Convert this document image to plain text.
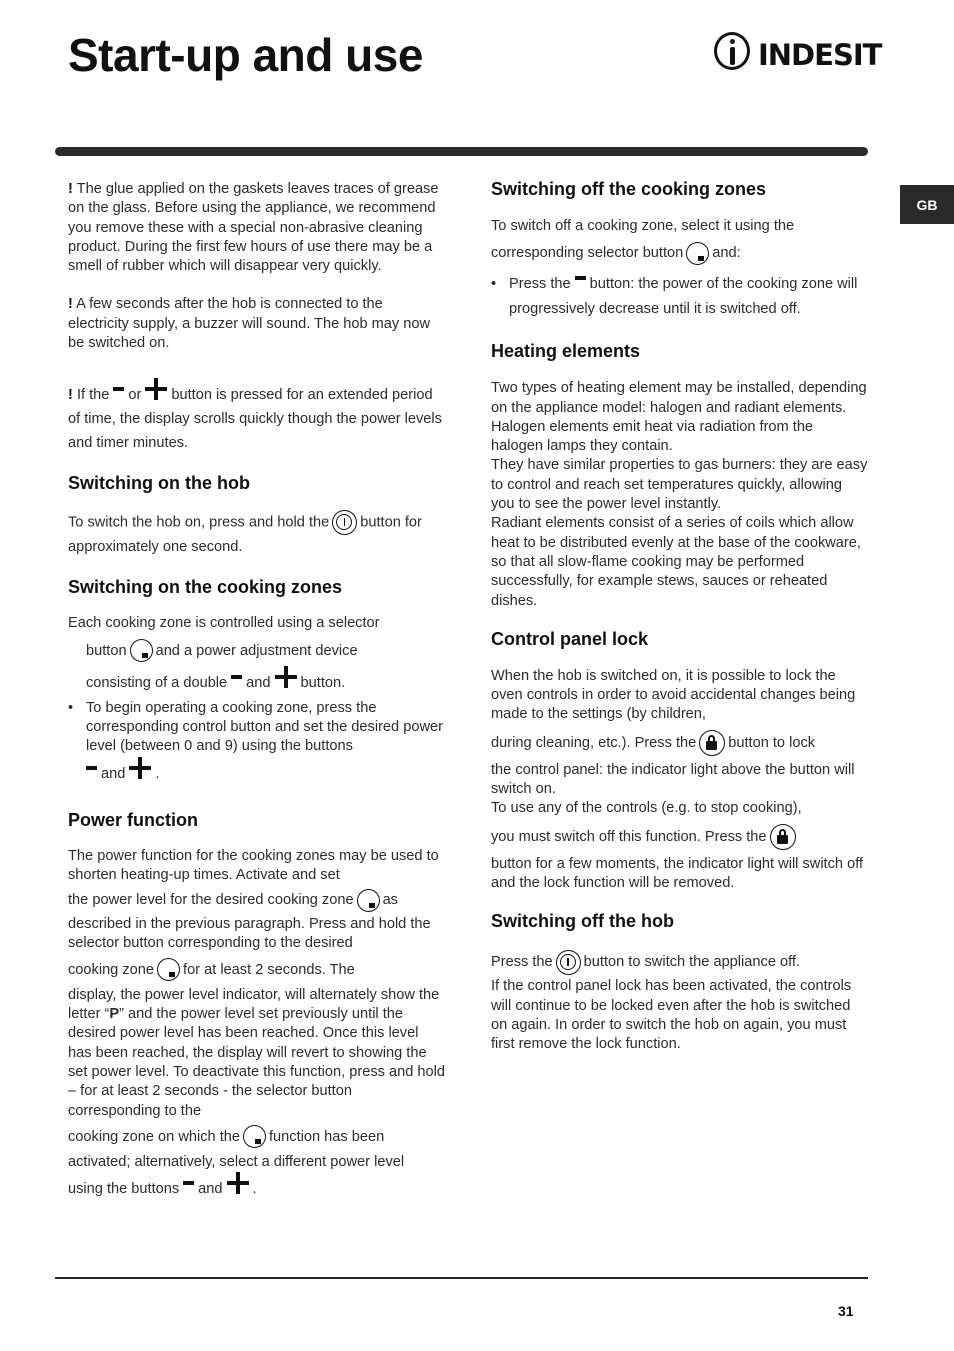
Start-up and use	INDESIT
GB

! The glue applied on the gaskets leaves traces of grease on the glass. Before using the appliance, we recommend you remove these with a special non-abrasive cleaning product. During the first few hours of use there may be a smell of rubber which will disappear very quickly.

! A few seconds after the hob is connected to the electricity supply, a buzzer will sound. The hob may now be switched on.

! If the or button is pressed for an extended period of time, the display scrolls quickly though the power levels and timer minutes.

Switching on the hob

To switch the hob on, press and hold the button for approximately one second.

Switching on the cooking zones

Each cooking zone is controlled using a selector

button and a power adjustment device

consisting of a double and button.

• To begin operating a cooking zone, press the corresponding control button and set the desired power level (between 0 and 9) using the buttons
and .

Power function

The power function for the cooking zones may be used to shorten heating-up times. Activate and set

the power level for the desired cooking zone as

described in the previous paragraph. Press and hold the selector button corresponding to the desired

cooking zone for at least 2 seconds. The

display, the power level indicator, will alternately show the letter “P” and the power level set previously until the desired power level has been reached. Once this level has been reached, the display will revert to showing the set power level. To deactivate this function, press and hold – for at least 2 seconds - the selector button corresponding to the

cooking zone on which the function has been

activated; alternatively, select a different power level

using the buttons and .

Switching off the cooking zones

To switch off a cooking zone, select it using the

corresponding selector button and:

• Press the button: the power of the cooking zone will progressively decrease until it is switched off.

Heating elements

Two types of heating element may be installed, depending on the appliance model: halogen and radiant elements.

Halogen elements emit heat via radiation from the halogen lamps they contain.

They have similar properties to gas burners: they are easy to control and reach set temperatures quickly, allowing you to see the power level instantly.

Radiant elements consist of a series of coils which allow heat to be distributed evenly at the base of the cookware, so that all slow-flame cooking may be performed successfully, for example stews, sauces or reheated dishes.

Control panel lock

When the hob is switched on, it is possible to lock the oven controls in order to avoid accidental changes being made to the settings (by children,

during cleaning, etc.). Press the button to lock

the control panel: the indicator light above the button will switch on.

To use any of the controls (e.g. to stop cooking),

you must switch off this function. Press the

button for a few moments, the indicator light will switch off and the lock function will be removed.

Switching off the hob

Press the button to switch the appliance off.

If the control panel lock has been activated, the controls will continue to be locked even after the hob is switched on again. In order to switch the hob on again, you must first remove the lock function.

31
